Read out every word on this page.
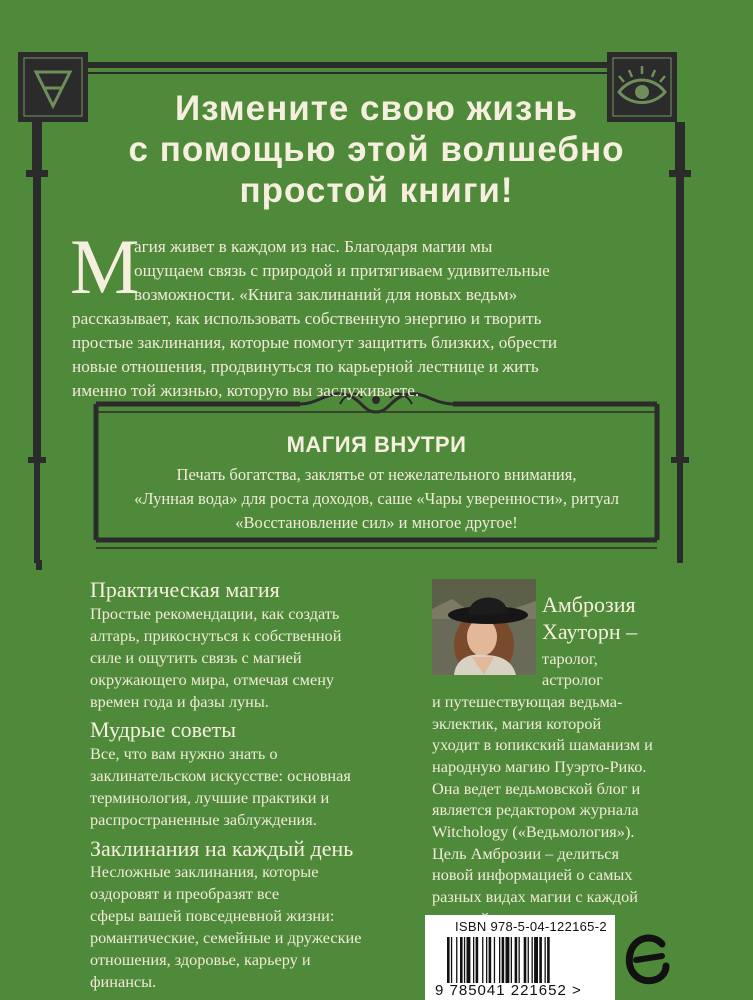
Измените свою жизнь
с помощью этой волшебно
простой книги!
М
агия живет в каждом из нас. Благодаря магии мы
ощущаем связь с природой и притягиваем удивительные
возможности. «Книга заклинаний для новых ведьм»
рассказывает, как использовать собственную энергию и творить
простые заклинания, которые помогут защитить близких, обрести
новые отношения, продвинуться по карьерной лестнице и жить
именно той жизнью, которую вы заслуживаете.
МАГИЯ ВНУТРИ
Печать богатства, заклятье от нежелательного внимания,
«Лунная вода» для роста доходов, саше «Чары уверенности», ритуал
«Восстановление сил» и многое другое!
Практическая магия
Простые рекомендации, как создать
алтарь, прикоснуться к собственной
силе и ощутить связь с магией
окружающего мира, отмечая смену
времен года и фазы луны.
Мудрые советы
Все, что вам нужно знать о
заклинательском искусстве: основная
терминология, лучшие практики и
распространенные заблуждения.
Заклинания на каждый день
Несложные заклинания, которые
оздоровят и преобразят все
сферы вашей повседневной жизни:
романтические, семейные и дружеские
отношения, здоровье, карьеру и
финансы.
Амброзия
Хауторн –
таролог,
астролог
и путешествующая ведьма-
эклектик, магия которой
уходит в юпикский шаманизм и
народную магию Пуэрто-Рико.
Она ведет ведьмовской блог и
является редактором журнала
Witchology («Ведьмология»).
Цель Амброзии – делиться
новой информацией о самых
разных видах магии с каждой
ISBN 978-5-04-122165-2
9 785041 221652 >
